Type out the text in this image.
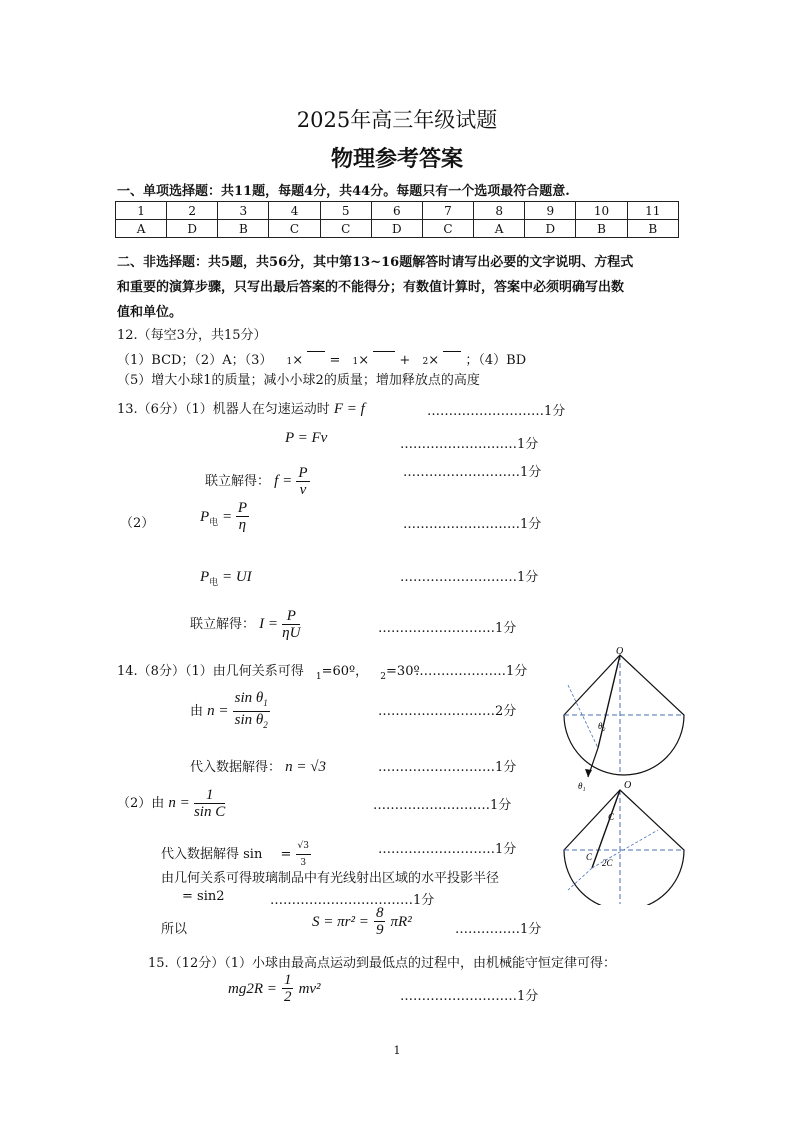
2025年高三年级试题
物理参考答案
一、单项选择题：共11题，每题4分，共44分。每题只有一个选项最符合题意.
1	2	3	4	5	6	7	8	9	10	11
A	D	B	C	C	D	C	A	D	B	B
二、非选择题：共5题，共56分，其中第13~16题解答时请写出必要的文字说明、方程式
和重要的演算步骤，只写出最后答案的不能得分；有数值计算时，答案中必须明确写出数
值和单位。
12.（每空3分，共15分）
（1）BCD；（2）A；（3） 1× = 1× + 2× ；（4）BD
（5）增大小球1的质量；减小小球2的质量；增加释放点的高度
13.（6分）（1）机器人在匀速运动时 F = f	………………………1分
P = Fv	………………………1分
联立解得： $f = \frac{P}{v}$	………………………1分
（2）	$P_电 = \frac{P}{\eta}$	………………………1分
$P_电$ = UI	………………………1分
联立解得： $I = \frac{P}{\eta U}$	………………………1分
14.（8分）（1）由几何关系可得 $_1$=60º， $_2$=30º
…………………1分
由 $n = \frac{\sin \theta_1}{\sin \theta_2}$	………………………2分
代入数据解得： n = √3	………………………1分
（2）由 $n = \frac{1}{\text{sin C}}$	………………………1分
代入数据解得 $\sin = \frac{√3}{3}$	………………………1分
由几何关系可得玻璃制品中有光线射出区域的水平投影半径
= sin2	……………………………1分
所以	$S = \pi r^2 = \frac{8}{9} \pi R^2$	……………1分
15.（12分）（1）小球由最高点运动到最低点的过程中，由机械能守恒定律可得：
$mg2R = \frac{1}{2} mv^2$	………………………1分
O
θ₂
θ₁	O
C
C
2C
1
